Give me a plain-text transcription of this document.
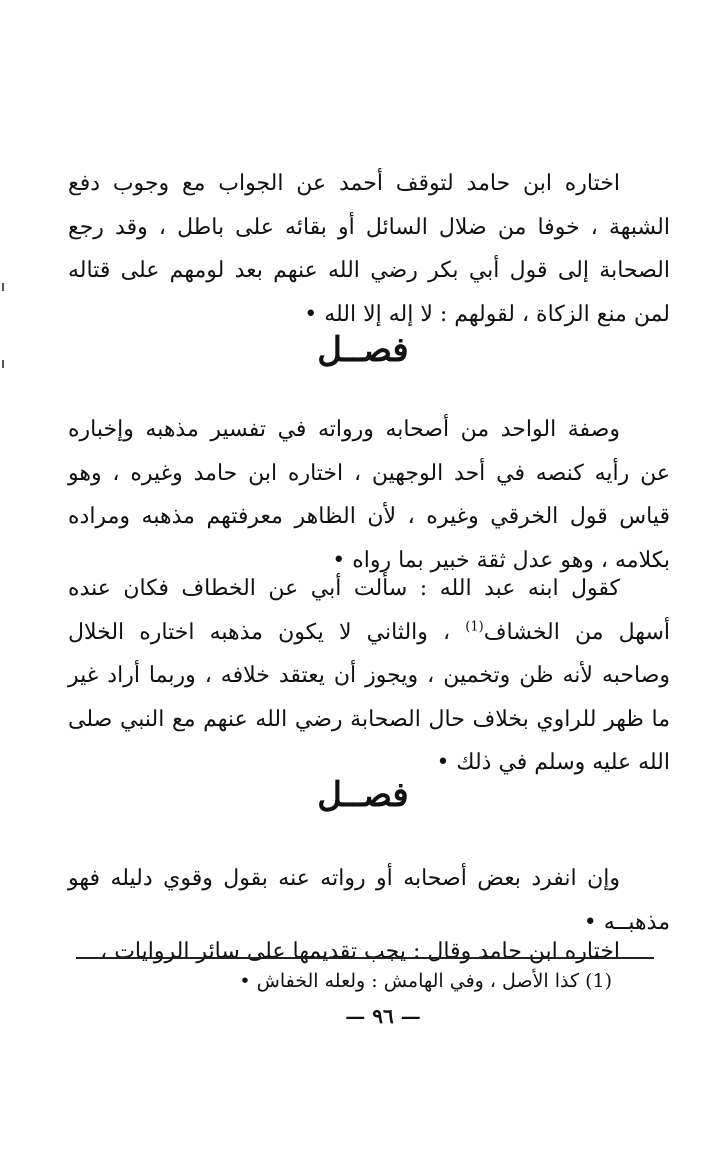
اختاره ابن حامد لتوقف أحمد عن الجواب مع وجوب دفع الشبهة ، خوفا من ضلال السائل أو بقائه على باطل ، وقد رجع الصحابة إلى قول أبي بكر رضي الله عنهم بعد لومهم على قتاله لمن منع الزكاة ، لقولهم : لا إله إلا الله •

فصــل

وصفة الواحد من أصحابه ورواته في تفسير مذهبه وإخباره عن رأيه كنصه في أحد الوجهين ، اختاره ابن حامد وغيره ، وهو قياس قول الخرقي وغيره ، لأن الظاهر معرفتهم مذهبه ومراده بكلامه ، وهو عدل ثقة خبير بما رواه •

كقول ابنه عبد الله : سألت أبي عن الخطاف فكان عنده أسهل من الخشاف$^{(1)}$ ، والثاني لا يكون مذهبه اختاره الخلال وصاحبه لأنه ظن وتخمين ، ويجوز أن يعتقد خلافه ، وربما أراد غير ما ظهر للراوي بخلاف حال الصحابة رضي الله عنهم مع النبي صلى الله عليه وسلم في ذلك •

فصــل

وإن انفرد بعض أصحابه أو رواته عنه بقول وقوي دليله فهو مذهبــه •

اختاره ابن حامد وقال : يجب تقديمها على سائر الروايات ،

(1) كذا الأصل ، وفي الهامش : ولعله الخفاش •
— ٩٦ —
